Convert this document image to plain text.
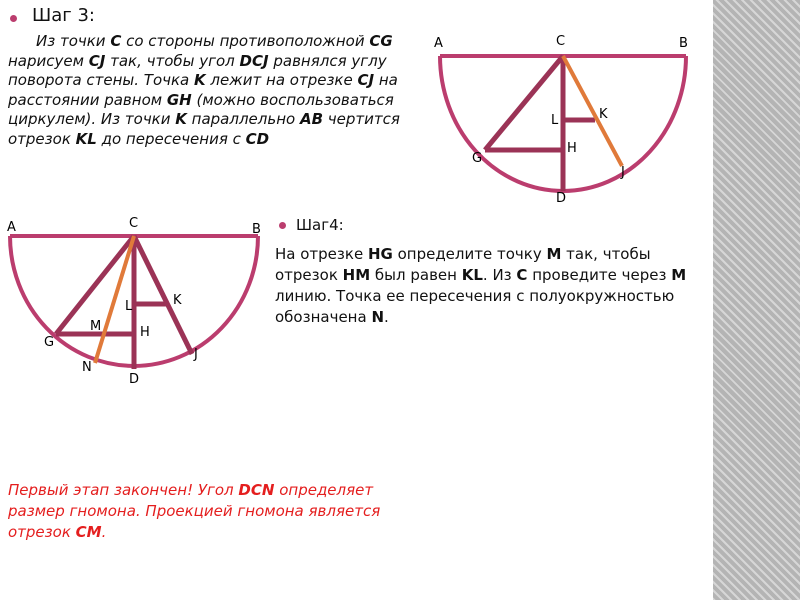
Шаг 3:

Из точки C со стороны противоположной CG нарисуем CJ так, чтобы угол DCJ равнялся углу поворота стены. Точка K лежит на отрезке CJ на расстоянии равном GH (можно воспользоваться циркулем). Из точки K параллельно AB чертится отрезок KL до пересечения с CD

A	C	B
L	K
H
G
J
D
A	C	B
L	K
M	H
G
N
J
D
Шаг4:

На отрезке HG определите точку M так, чтобы отрезок HM был равен KL. Из C проведите через M линию. Точка ее пересечения с полуокружностью обозначена N.

Первый этап закончен! Угол DCN определяет размер гномона. Проекцией гномона является отрезок CM.
